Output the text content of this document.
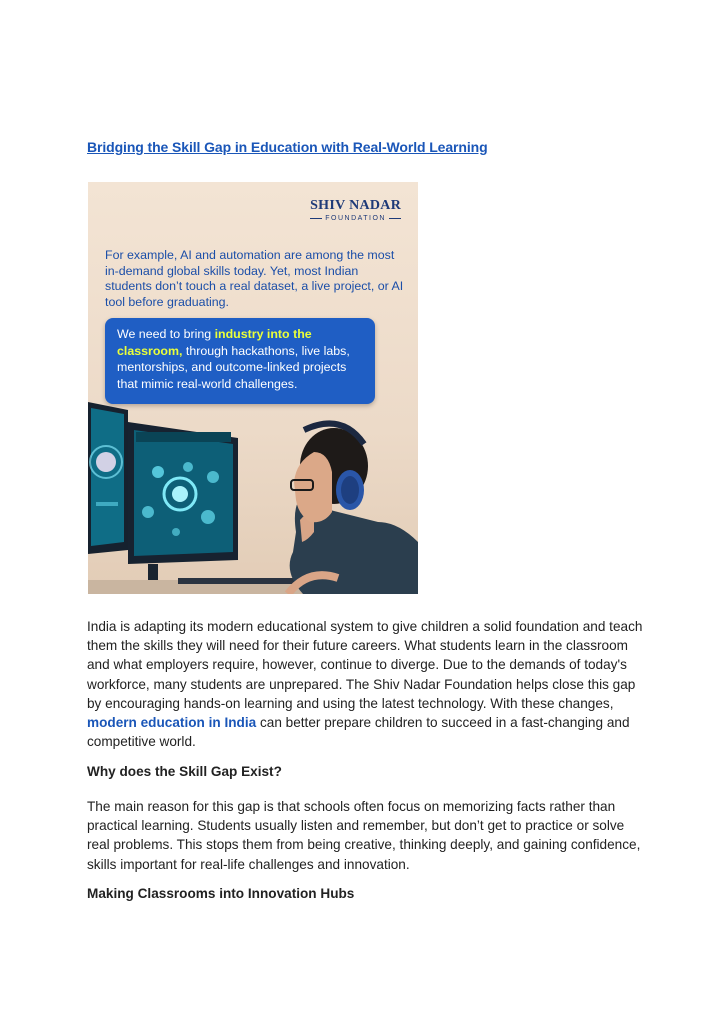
Bridging the Skill Gap in Education with Real-World Learning
SHIV NADAR
FOUNDATION

For example, AI and automation are among the most in-demand global skills today. Yet, most Indian students don’t touch a real dataset, a live project, or AI tool before graduating.

We need to bring industry into the classroom, through hackathons, live labs, mentorships, and outcome-linked projects that mimic real-world challenges.

India is adapting its modern educational system to give children a solid foundation and teach them the skills they will need for their future careers. What students learn in the classroom and what employers require, however, continue to diverge. Due to the demands of today's workforce, many students are unprepared. The Shiv Nadar Foundation helps close this gap by encouraging hands-on learning and using the latest technology. With these changes, modern education in India can better prepare children to succeed in a fast-changing and competitive world.

Why does the Skill Gap Exist?

The main reason for this gap is that schools often focus on memorizing facts rather than practical learning. Students usually listen and remember, but don’t get to practice or solve real problems. This stops them from being creative, thinking deeply, and gaining confidence, skills important for real-life challenges and innovation.

Making Classrooms into Innovation Hubs
